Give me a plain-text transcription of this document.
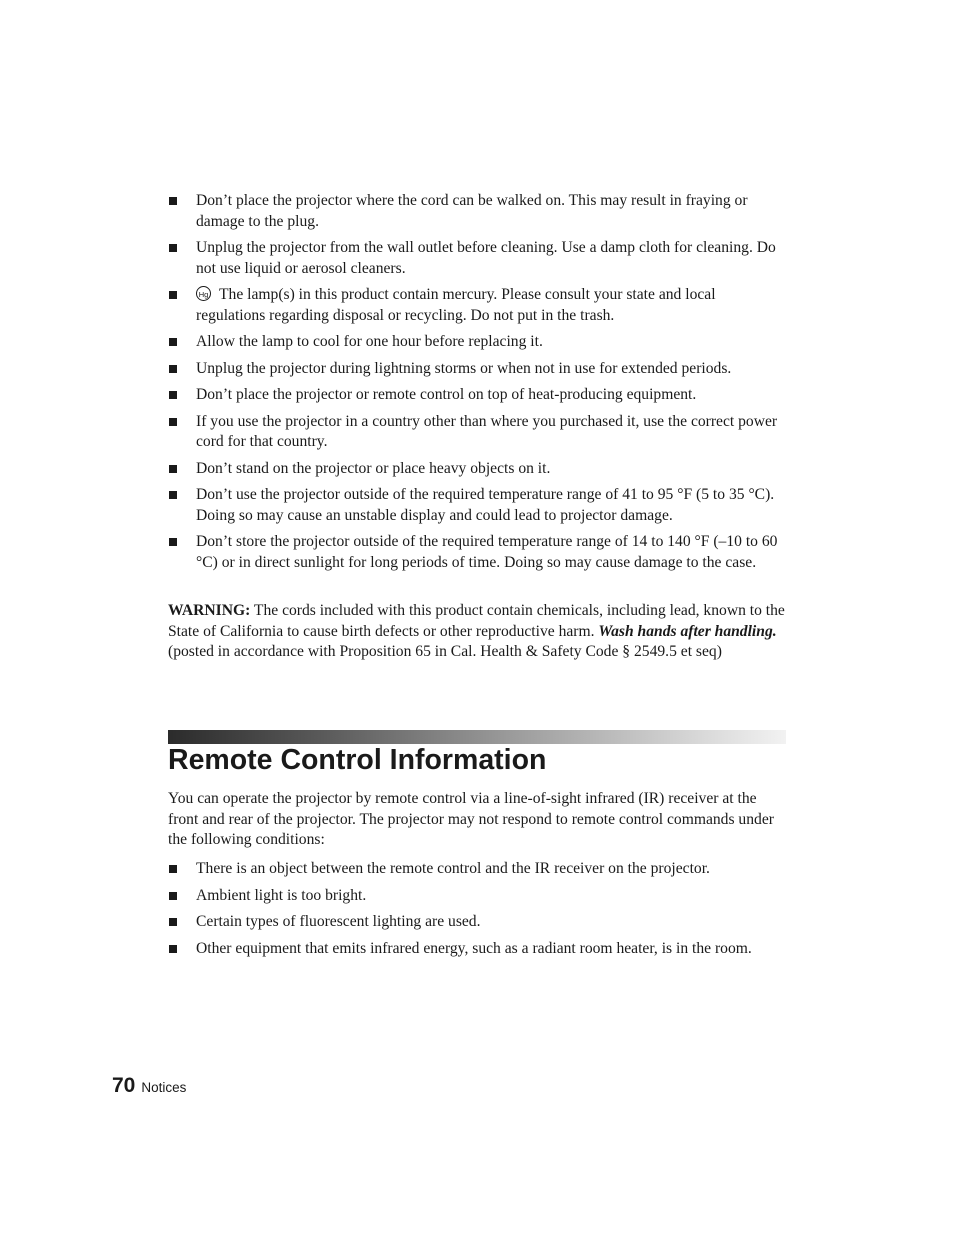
Don’t place the projector where the cord can be walked on. This may result in fraying or damage to the plug.
Unplug the projector from the wall outlet before cleaning. Use a damp cloth for cleaning. Do not use liquid or aerosol cleaners.
Hg The lamp(s) in this product contain mercury. Please consult your state and local regulations regarding disposal or recycling. Do not put in the trash.
Allow the lamp to cool for one hour before replacing it.
Unplug the projector during lightning storms or when not in use for extended periods.
Don’t place the projector or remote control on top of heat-producing equipment.
If you use the projector in a country other than where you purchased it, use the correct power cord for that country.
Don’t stand on the projector or place heavy objects on it.
Don’t use the projector outside of the required temperature range of 41 to 95 °F (5 to 35 °C). Doing so may cause an unstable display and could lead to projector damage.
Don’t store the projector outside of the required temperature range of 14 to 140 °F (–10 to 60 °C) or in direct sunlight for long periods of time. Doing so may cause damage to the case.

WARNING: The cords included with this product contain chemicals, including lead, known to the State of California to cause birth defects or other reproductive harm. Wash hands after handling. (posted in accordance with Proposition 65 in Cal. Health & Safety Code § 2549.5 et seq)

Remote Control Information

You can operate the projector by remote control via a line-of-sight infrared (IR) receiver at the front and rear of the projector. The projector may not respond to remote control commands under the following conditions:

There is an object between the remote control and the IR receiver on the projector.
Ambient light is too bright.
Certain types of fluorescent lighting are used.
Other equipment that emits infrared energy, such as a radiant room heater, is in the room.
70 Notices
